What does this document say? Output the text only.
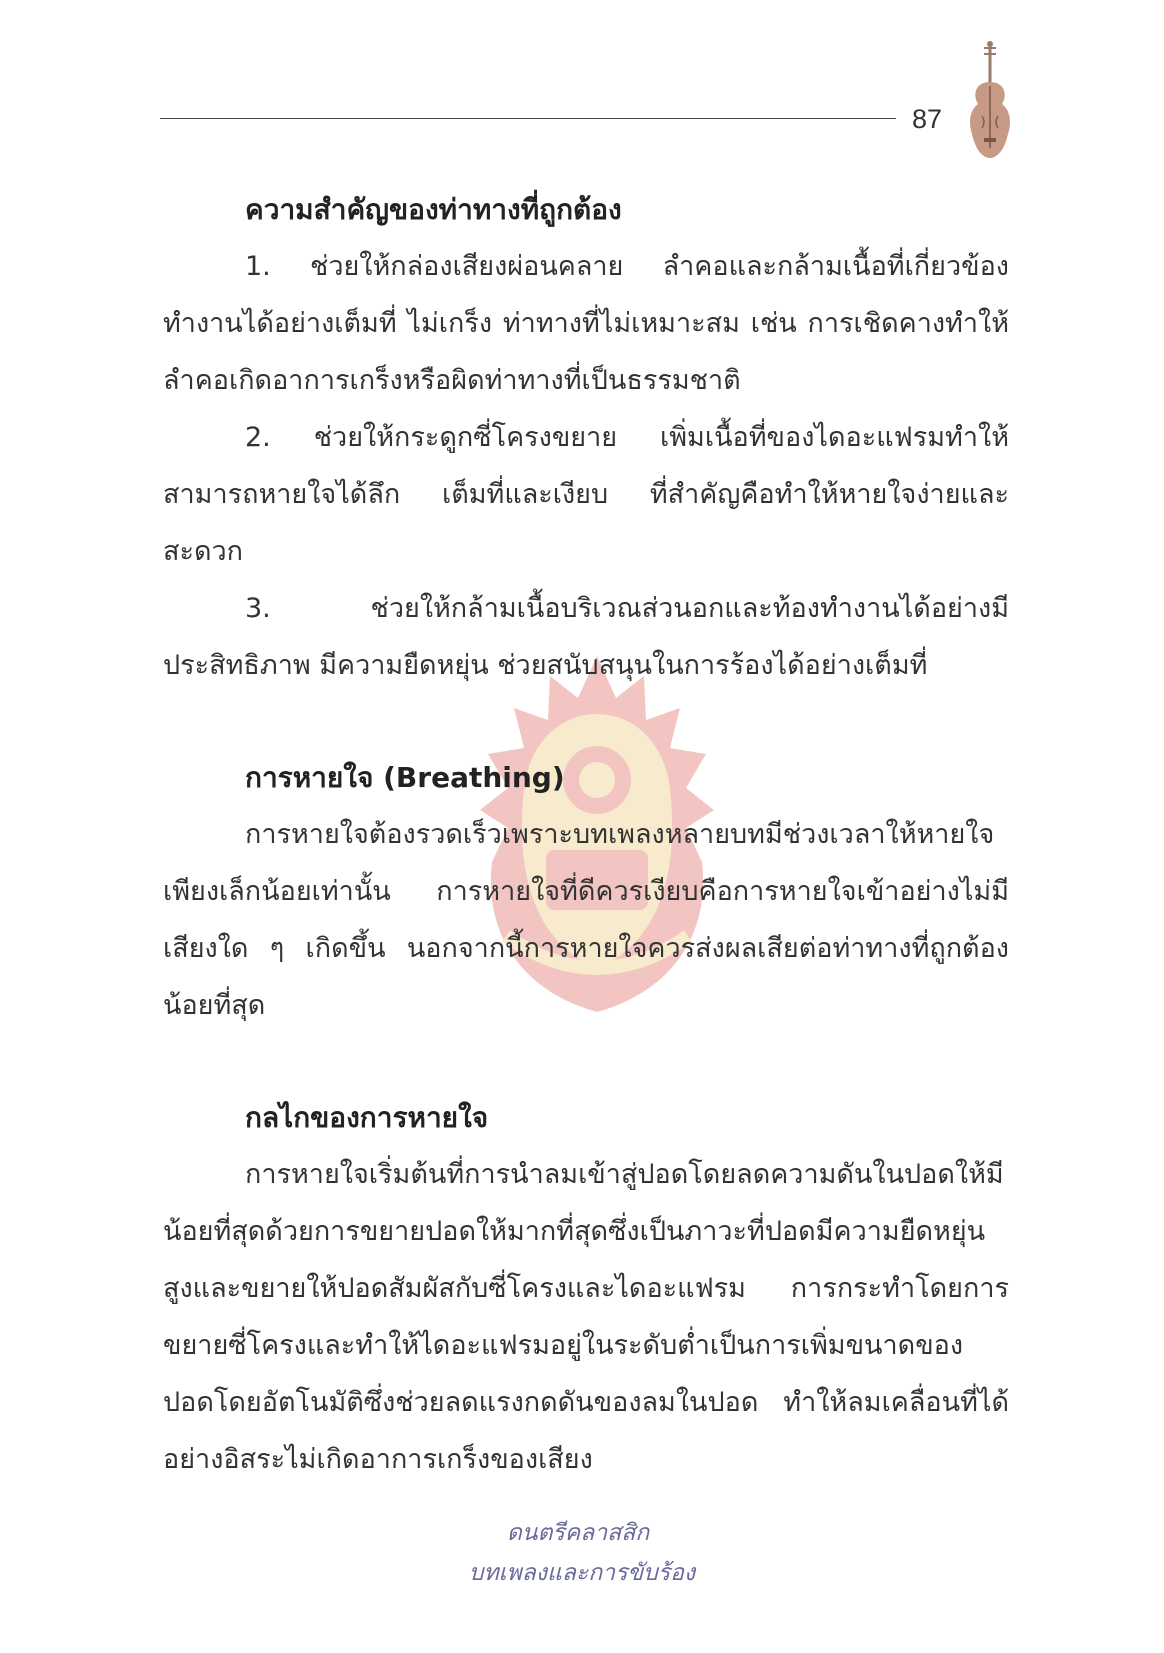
87
ความสำคัญของท่าทางที่ถูกต้อง

1. ช่วยให้กล่องเสียงผ่อนคลาย ลำคอและกล้ามเนื้อที่เกี่ยวข้องทำงานได้อย่างเต็มที่ ไม่เกร็ง ท่าทางที่ไม่เหมาะสม เช่น การเชิดคางทำให้ลำคอเกิดอาการเกร็งหรือผิดท่าทางที่เป็นธรรมชาติ

2. ช่วยให้กระดูกซี่โครงขยาย เพิ่มเนื้อที่ของไดอะแฟรมทำให้สามารถหายใจได้ลึก เต็มที่และเงียบ ที่สำคัญคือทำให้หายใจง่ายและสะดวก

3. ช่วยให้กล้ามเนื้อบริเวณส่วนอกและท้องทำงานได้อย่างมีประสิทธิภาพ มีความยืดหยุ่น ช่วยสนับสนุนในการร้องได้อย่างเต็มที่

การหายใจ (Breathing)

การหายใจต้องรวดเร็วเพราะบทเพลงหลายบทมีช่วงเวลาให้หายใจเพียงเล็กน้อยเท่านั้น การหายใจที่ดีควรเงียบคือการหายใจเข้าอย่างไม่มีเสียงใด ๆ เกิดขึ้น นอกจากนี้การหายใจควรส่งผลเสียต่อท่าทางที่ถูกต้องน้อยที่สุด

กลไกของการหายใจ

การหายใจเริ่มต้นที่การนำลมเข้าสู่ปอดโดยลดความดันในปอดให้มีน้อยที่สุดด้วยการขยายปอดให้มากที่สุดซึ่งเป็นภาวะที่ปอดมีความยืดหยุ่นสูงและขยายให้ปอดสัมผัสกับซี่โครงและไดอะแฟรม การกระทำโดยการขยายซี่โครงและทำให้ไดอะแฟรมอยู่ในระดับต่ำเป็นการเพิ่มขนาดของปอดโดยอัตโนมัติซึ่งช่วยลดแรงกดดันของลมในปอด ทำให้ลมเคลื่อนที่ได้อย่างอิสระไม่เกิดอาการเกร็งของเสียง

ดนตรีคลาสสิก
บทเพลงและการขับร้อง
